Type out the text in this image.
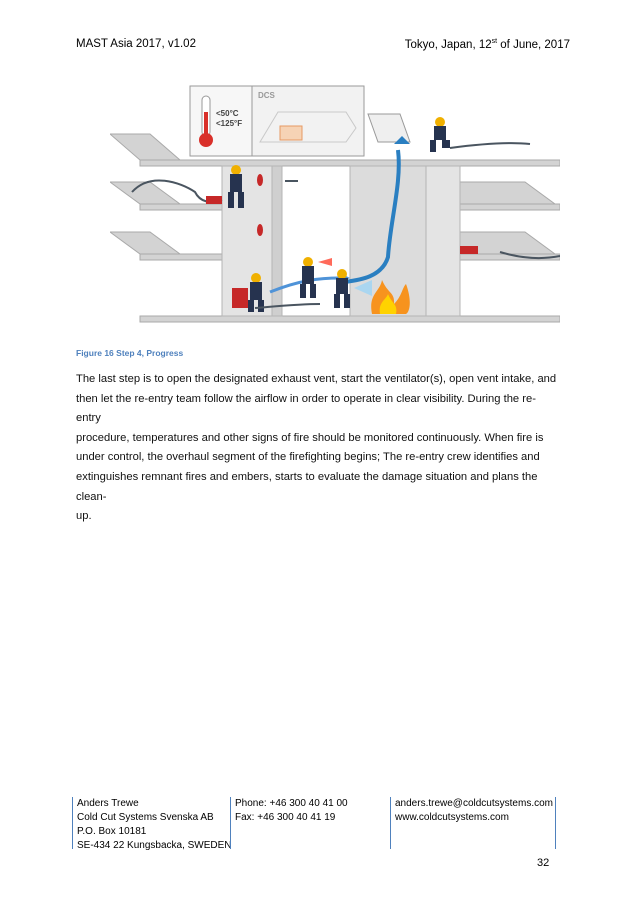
MAST Asia 2017, v1.02	Tokyo, Japan, 12st of June, 2017
<50°C
<125°F
DCS
Figure 16 Step 4, Progress
The last step is to open the designated exhaust vent, start the ventilator(s), open vent intake, and
then let the re-entry team follow the airflow in order to operate in clear visibility. During the re-entry
procedure, temperatures and other signs of fire should be monitored continuously. When fire is
under control, the overhaul segment of the firefighting begins; The re-entry crew identifies and
extinguishes remnant fires and embers, starts to evaluate the damage situation and plans the clean-
up.
Anders Trewe
Cold Cut Systems Svenska AB
P.O. Box 10181
SE-434 22 Kungsbacka, SWEDEN
Phone: +46 300 40 41 00
Fax: +46 300 40 41 19
anders.trewe@coldcutsystems.com
www.coldcutsystems.com
32
